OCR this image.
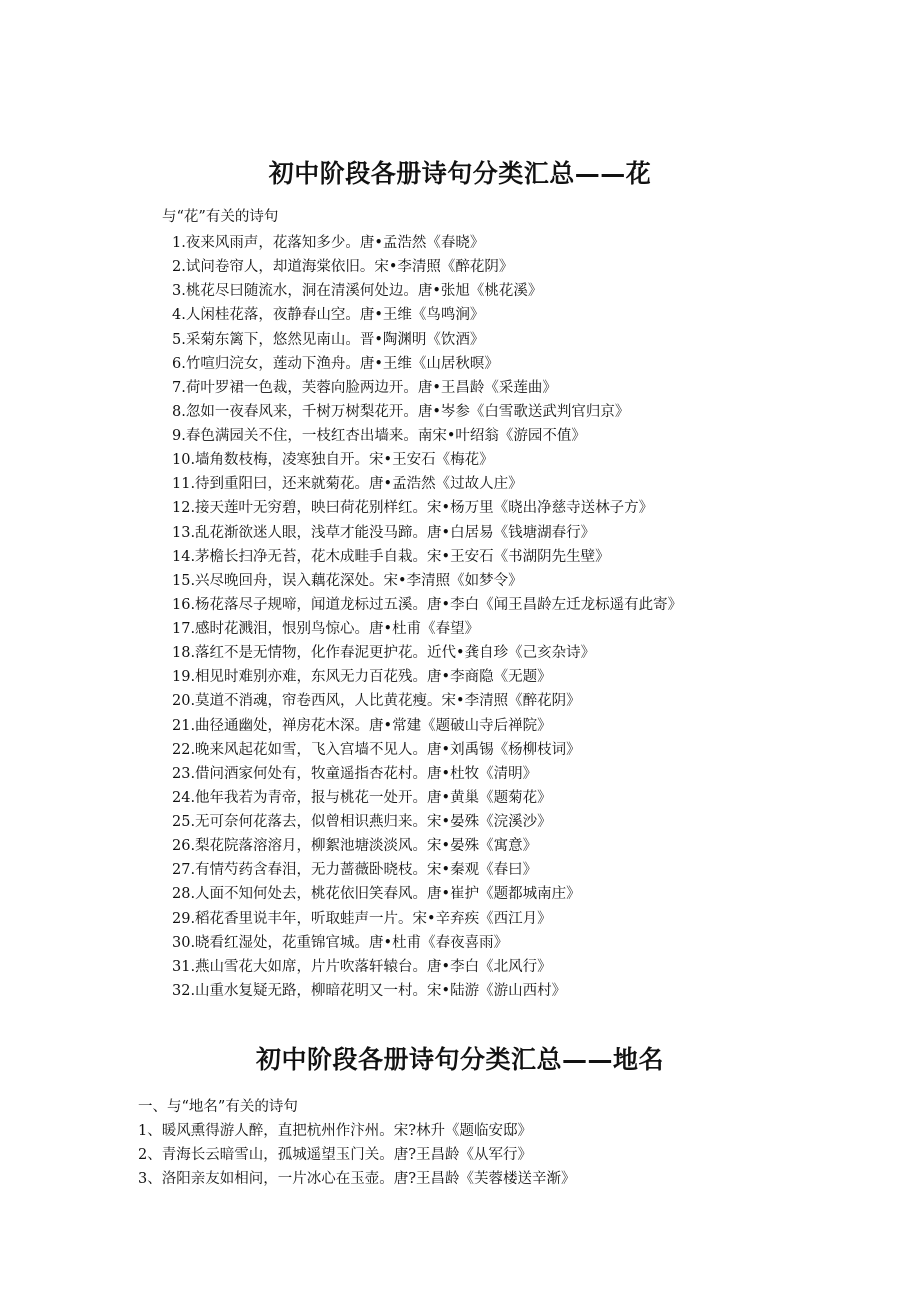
初中阶段各册诗句分类汇总——花
与“花”有关的诗句
1.夜来风雨声，花落知多少。唐•孟浩然《春晓》
2.试问卷帘人，却道海棠依旧。宋•李清照《醉花阴》
3.桃花尽曰随流水，洞在清溪何处边。唐•张旭《桃花溪》
4.人闲桂花落，夜静春山空。唐•王维《鸟鸣涧》
5.采菊东篱下，悠然见南山。晋•陶渊明《饮酒》
6.竹喧归浣女，莲动下渔舟。唐•王维《山居秋暝》
7.荷叶罗裙一色裁，芙蓉向脸两边开。唐•王昌龄《采莲曲》
8.忽如一夜春风来，千树万树梨花开。唐•岑参《白雪歌送武判官归京》
9.春色满园关不住，一枝红杏出墙来。南宋•叶绍翁《游园不值》
10.墙角数枝梅，凌寒独自开。宋•王安石《梅花》
11.待到重阳曰，还来就菊花。唐•孟浩然《过故人庄》
12.接天莲叶无穷碧，映曰荷花别样红。宋•杨万里《晓出净慈寺送林子方》
13.乱花渐欲迷人眼，浅草才能没马蹄。唐•白居易《钱塘湖春行》
14.茅檐长扫净无苔，花木成畦手自栽。宋•王安石《书湖阴先生壁》
15.兴尽晚回舟，误入藕花深处。宋•李清照《如梦令》
16.杨花落尽子规啼，闻道龙标过五溪。唐•李白《闻王昌龄左迁龙标遥有此寄》
17.感时花溅泪，恨别鸟惊心。唐•杜甫《春望》
18.落红不是无情物，化作春泥更护花。近代•龚自珍《己亥杂诗》
19.相见时难别亦难，东风无力百花残。唐•李商隐《无题》
20.莫道不消魂，帘卷西风，人比黄花瘦。宋•李清照《醉花阴》
21.曲径通幽处，禅房花木深。唐•常建《题破山寺后禅院》
22.晚来风起花如雪，飞入宫墙不见人。唐•刘禹锡《杨柳枝词》
23.借问酒家何处有，牧童遥指杏花村。唐•杜牧《清明》
24.他年我若为青帝，报与桃花一处开。唐•黄巢《题菊花》
25.无可奈何花落去，似曾相识燕归来。宋•晏殊《浣溪沙》
26.梨花院落溶溶月，柳絮池塘淡淡风。宋•晏殊《寓意》
27.有情芍药含春泪，无力蔷薇卧晓枝。宋•秦观《春曰》
28.人面不知何处去，桃花依旧笑春风。唐•崔护《题都城南庄》
29.稻花香里说丰年，听取蛙声一片。宋•辛弃疾《西江月》
30.晓看红湿处，花重锦官城。唐•杜甫《春夜喜雨》
31.燕山雪花大如席，片片吹落轩辕台。唐•李白《北风行》
32.山重水复疑无路，柳暗花明又一村。宋•陆游《游山西村》
初中阶段各册诗句分类汇总——地名
一、与“地名”有关的诗句
1、暖风熏得游人醉，直把杭州作汴州。宋?林升《题临安邸》
2、青海长云暗雪山，孤城遥望玉门关。唐?王昌龄《从军行》
3、洛阳亲友如相问，一片冰心在玉壶。唐?王昌龄《芙蓉楼送辛渐》
